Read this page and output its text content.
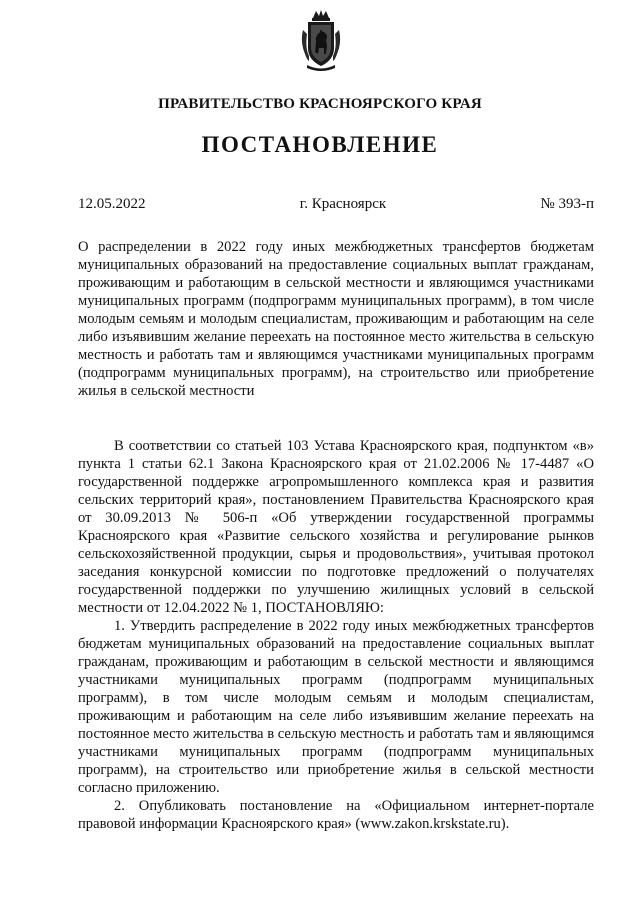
ПРАВИТЕЛЬСТВО КРАСНОЯРСКОГО КРАЯ
ПОСТАНОВЛЕНИЕ
12.05.2022	г. Красноярск	№ 393-п
О распределении в 2022 году иных межбюджетных трансфертов бюджетам муниципальных образований на предоставление социальных выплат гражданам, проживающим и работающим в сельской местности и являющимся участниками муниципальных программ (подпрограмм муниципальных программ), в том числе молодым семьям и молодым специалистам, проживающим и работающим на селе либо изъявившим желание переехать на постоянное место жительства в сельскую местность и работать там и являющимся участниками муниципальных программ (подпрограмм муниципальных программ), на строительство или приобретение жилья в сельской местности

В соответствии со статьей 103 Устава Красноярского края, подпунктом «в» пункта 1 статьи 62.1 Закона Красноярского края от 21.02.2006 № 17-4487 «О государственной поддержке агропромышленного комплекса края и развития сельских территорий края», постановлением Правительства Красноярского края от 30.09.2013 № 506-п «Об утверждении государственной программы Красноярского края «Развитие сельского хозяйства и регулирование рынков сельскохозяйственной продукции, сырья и продовольствия», учитывая протокол заседания конкурсной комиссии по подготовке предложений о получателях государственной поддержки по улучшению жилищных условий в сельской местности от 12.04.2022 № 1, ПОСТАНОВЛЯЮ:

1. Утвердить распределение в 2022 году иных межбюджетных трансфертов бюджетам муниципальных образований на предоставление социальных выплат гражданам, проживающим и работающим в сельской местности и являющимся участниками муниципальных программ (подпрограмм муниципальных программ), в том числе молодым семьям и молодым специалистам, проживающим и работающим на селе либо изъявившим желание переехать на постоянное место жительства в сельскую местность и работать там и являющимся участниками муниципальных программ (подпрограмм муниципальных программ), на строительство или приобретение жилья в сельской местности согласно приложению.

2. Опубликовать постановление на «Официальном интернет-портале правовой информации Красноярского края» (www.zakon.krskstate.ru).
